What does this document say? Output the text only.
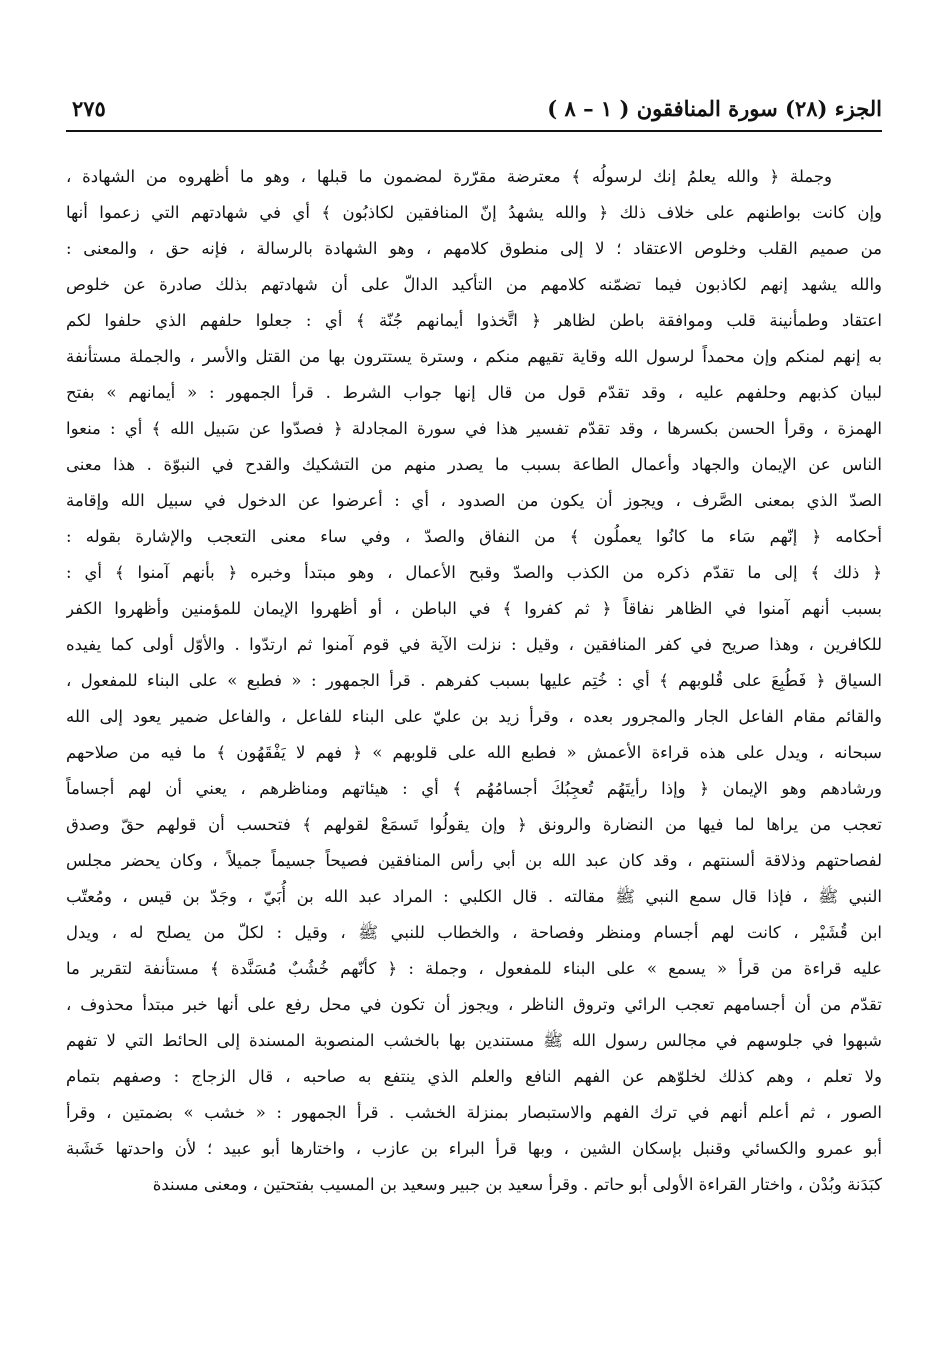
الجزء (٢٨) سورة المنافقون ( ١ – ٨ )
٢٧٥
وجملة ﴿ والله يعلمُ إنك لرسولُه ﴾ معترضة مقرّرة لمضمون ما قبلها ، وهو ما أظهروه من الشهادة ،
وإن كانت بواطنهم على خلاف ذلك ﴿ والله يشهدُ إنّ المنافقين لكاذبُون ﴾ أي في شهادتهم التي زعموا أنها
من صميم القلب وخلوص الاعتقاد ؛ لا إلى منطوق كلامهم ، وهو الشهادة بالرسالة ، فإنه حق ، والمعنى :
والله يشهد إنهم لكاذبون فيما تضمّنه كلامهم من التأكيد الدالّ على أن شهادتهم بذلك صادرة عن خلوص
اعتقاد وطمأنينة قلب وموافقة باطن لظاهر ﴿ اتَّخذوا أيمانهم جُنّة ﴾ أي : جعلوا حلفهم الذي حلفوا لكم
به إنهم لمنكم وإن محمداً لرسول الله وقاية تقيهم منكم ، وسترة يستترون بها من القتل والأسر ، والجملة مستأنفة
لبيان كذبهم وحلفهم عليه ، وقد تقدّم قول من قال إنها جواب الشرط . قرأ الجمهور : « أيمانهم » بفتح
الهمزة ، وقرأ الحسن بكسرها ، وقد تقدّم تفسير هذا في سورة المجادلة ﴿ فصدّوا عن سَبيل الله ﴾ أي : منعوا
الناس عن الإيمان والجهاد وأعمال الطاعة بسبب ما يصدر منهم من التشكيك والقدح في النبوّة . هذا معنى
الصدّ الذي بمعنى الصَّرف ، ويجوز أن يكون من الصدود ، أي : أعرضوا عن الدخول في سبيل الله وإقامة
أحكامه ﴿ إنّهم سَاء ما كانُوا يعملُون ﴾ من النفاق والصدّ ، وفي ساء معنى التعجب والإشارة بقوله :
﴿ ذلك ﴾ إلى ما تقدّم ذكره من الكذب والصدّ وقبح الأعمال ، وهو مبتدأ وخبره ﴿ بأنهم آمنوا ﴾ أي :
بسبب أنهم آمنوا في الظاهر نفاقاً ﴿ ثم كفروا ﴾ في الباطن ، أو أظهروا الإيمان للمؤمنين وأظهروا الكفر
للكافرين ، وهذا صريح في كفر المنافقين ، وقيل : نزلت الآية في قوم آمنوا ثم ارتدّوا . والأوّل أولى كما يفيده
السياق ﴿ فَطُبِعَ على قُلوبهم ﴾ أي : خُتِم عليها بسبب كفرهم . قرأ الجمهور : « فطبع » على البناء للمفعول ،
والقائم مقام الفاعل الجار والمجرور بعده ، وقرأ زيد بن عليّ على البناء للفاعل ، والفاعل ضمير يعود إلى الله
سبحانه ، ويدل على هذه قراءة الأعمش « فطبع الله على قلوبهم » ﴿ فهم لا يَفْقَهُون ﴾ ما فيه من صلاحهم
ورشادهم وهو الإيمان ﴿ وإذا رأيتَهُم تُعجِبُكَ أجسامُهُم ﴾ أي : هيئاتهم ومناظرهم ، يعني أن لهم أجساماً
تعجب من يراها لما فيها من النضارة والرونق ﴿ وإن يقولُوا تَسمَعْ لقولهم ﴾ فتحسب أن قولهم حقّ وصدق
لفصاحتهم وذلاقة ألسنتهم ، وقد كان عبد الله بن أبي رأس المنافقين فصيحاً جسيماً جميلاً ، وكان يحضر مجلس
النبي ﷺ ، فإذا قال سمع النبي ﷺ مقالته . قال الكلبي : المراد عبد الله بن أُبَيّ ، وجَدّ بن قيس ، ومُعتّب
ابن قُشَيْر ، كانت لهم أجسام ومنظر وفصاحة ، والخطاب للنبي ﷺ ، وقيل : لكلّ من يصلح له ، ويدل
عليه قراءة من قرأ « يسمع » على البناء للمفعول ، وجملة : ﴿ كأنّهم خُشُبٌ مُسَنَّدة ﴾ مستأنفة لتقرير ما
تقدّم من أن أجسامهم تعجب الرائي وتروق الناظر ، ويجوز أن تكون في محل رفع على أنها خبر مبتدأ محذوف ،
شبهوا في جلوسهم في مجالس رسول الله ﷺ مستندين بها بالخشب المنصوبة المسندة إلى الحائط التي لا تفهم
ولا تعلم ، وهم كذلك لخلوّهم عن الفهم النافع والعلم الذي ينتفع به صاحبه ، قال الزجاج : وصفهم بتمام
الصور ، ثم أعلم أنهم في ترك الفهم والاستبصار بمنزلة الخشب . قرأ الجمهور : « خشب » بضمتين ، وقرأ
أبو عمرو والكسائي وقنبل بإسكان الشين ، وبها قرأ البراء بن عازب ، واختارها أبو عبيد ؛ لأن واحدتها خَشَبة
كبَدَنة وبُدْن ، واختار القراءة الأولى أبو حاتم . وقرأ سعيد بن جبير وسعيد بن المسيب بفتحتين ، ومعنى مسندة
